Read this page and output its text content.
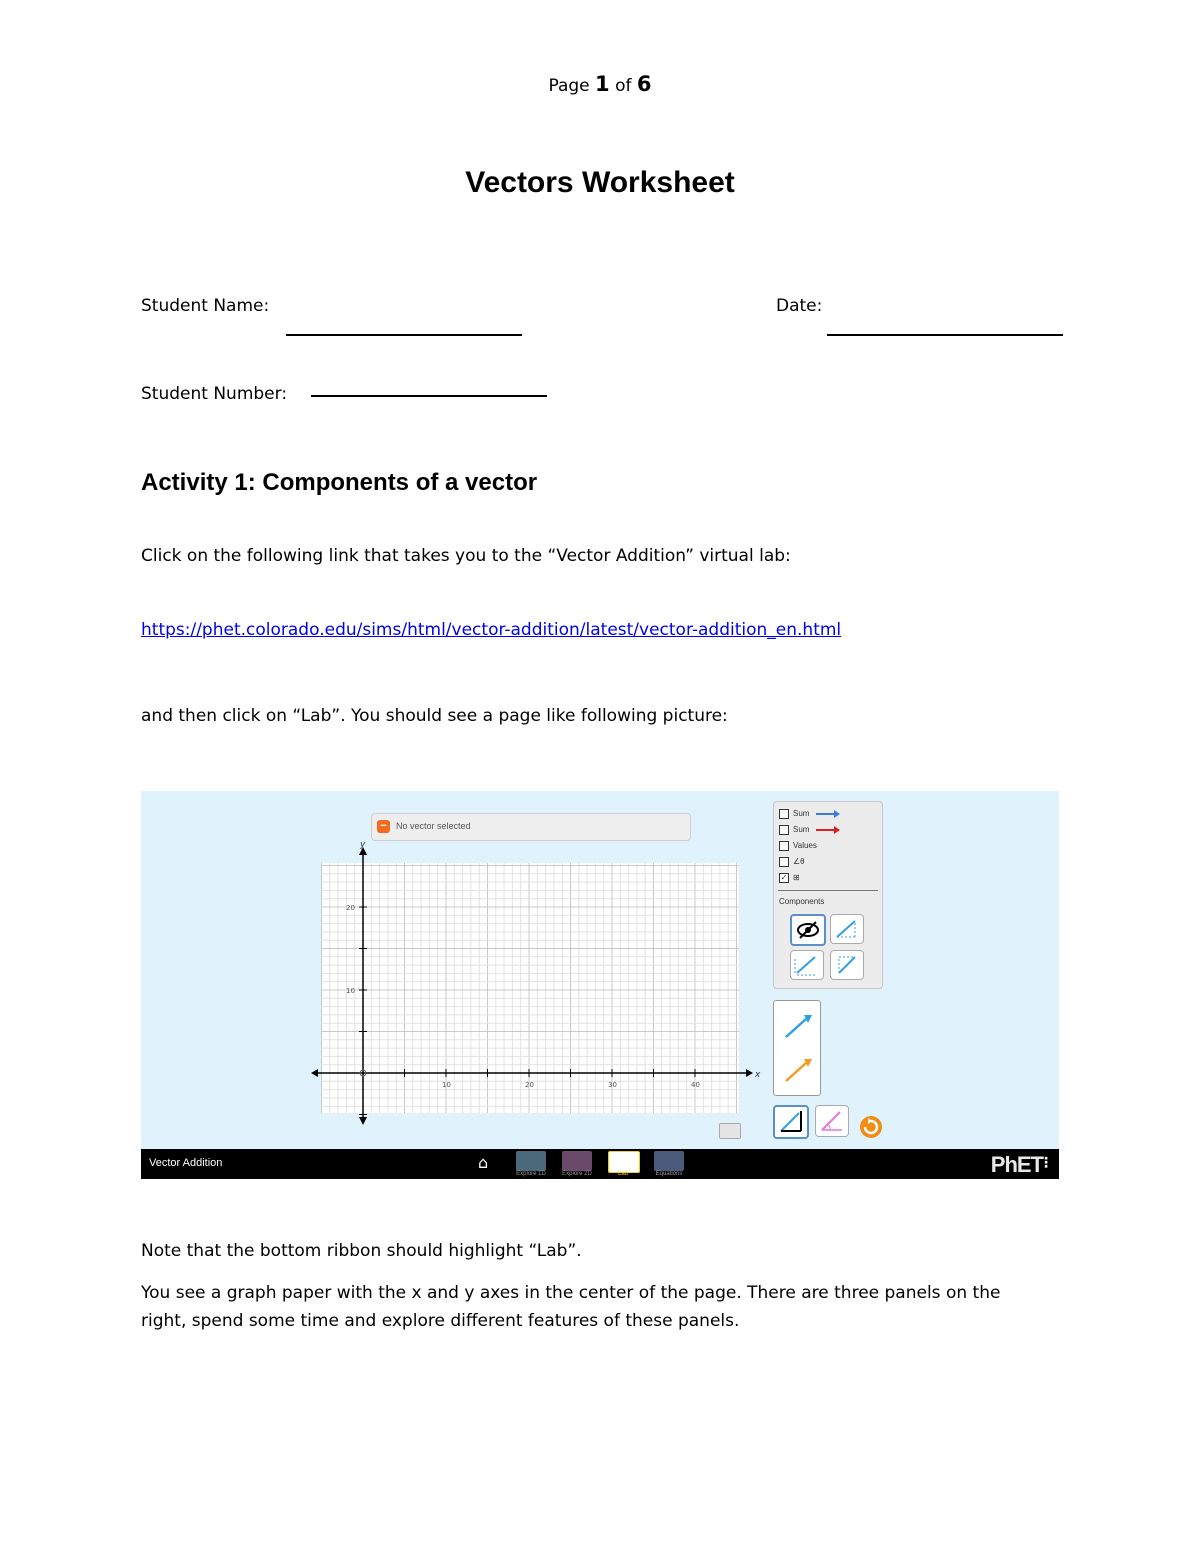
Page 1 of 6
Vectors Worksheet
Student Name:	Date:
Student Number:
Activity 1: Components of a vector
Click on the following link that takes you to the “Vector Addition” virtual lab:
https://phet.colorado.edu/sims/html/vector-addition/latest/vector-addition_en.html
and then click on “Lab”. You should see a page like following picture:
x
y
10	20	30	40
20
10
−	No vector selected
Sum
Sum
Values
∠θ
✓ ⊞
Components
Vector Addition	⌂
Explore 1D	Explore 2D	Lab	Equations	PhET
⋮
Note that the bottom ribbon should highlight “Lab”.
You see a graph paper with the x and y axes in the center of the page. There are three panels on the right, spend some time and explore different features of these panels.
